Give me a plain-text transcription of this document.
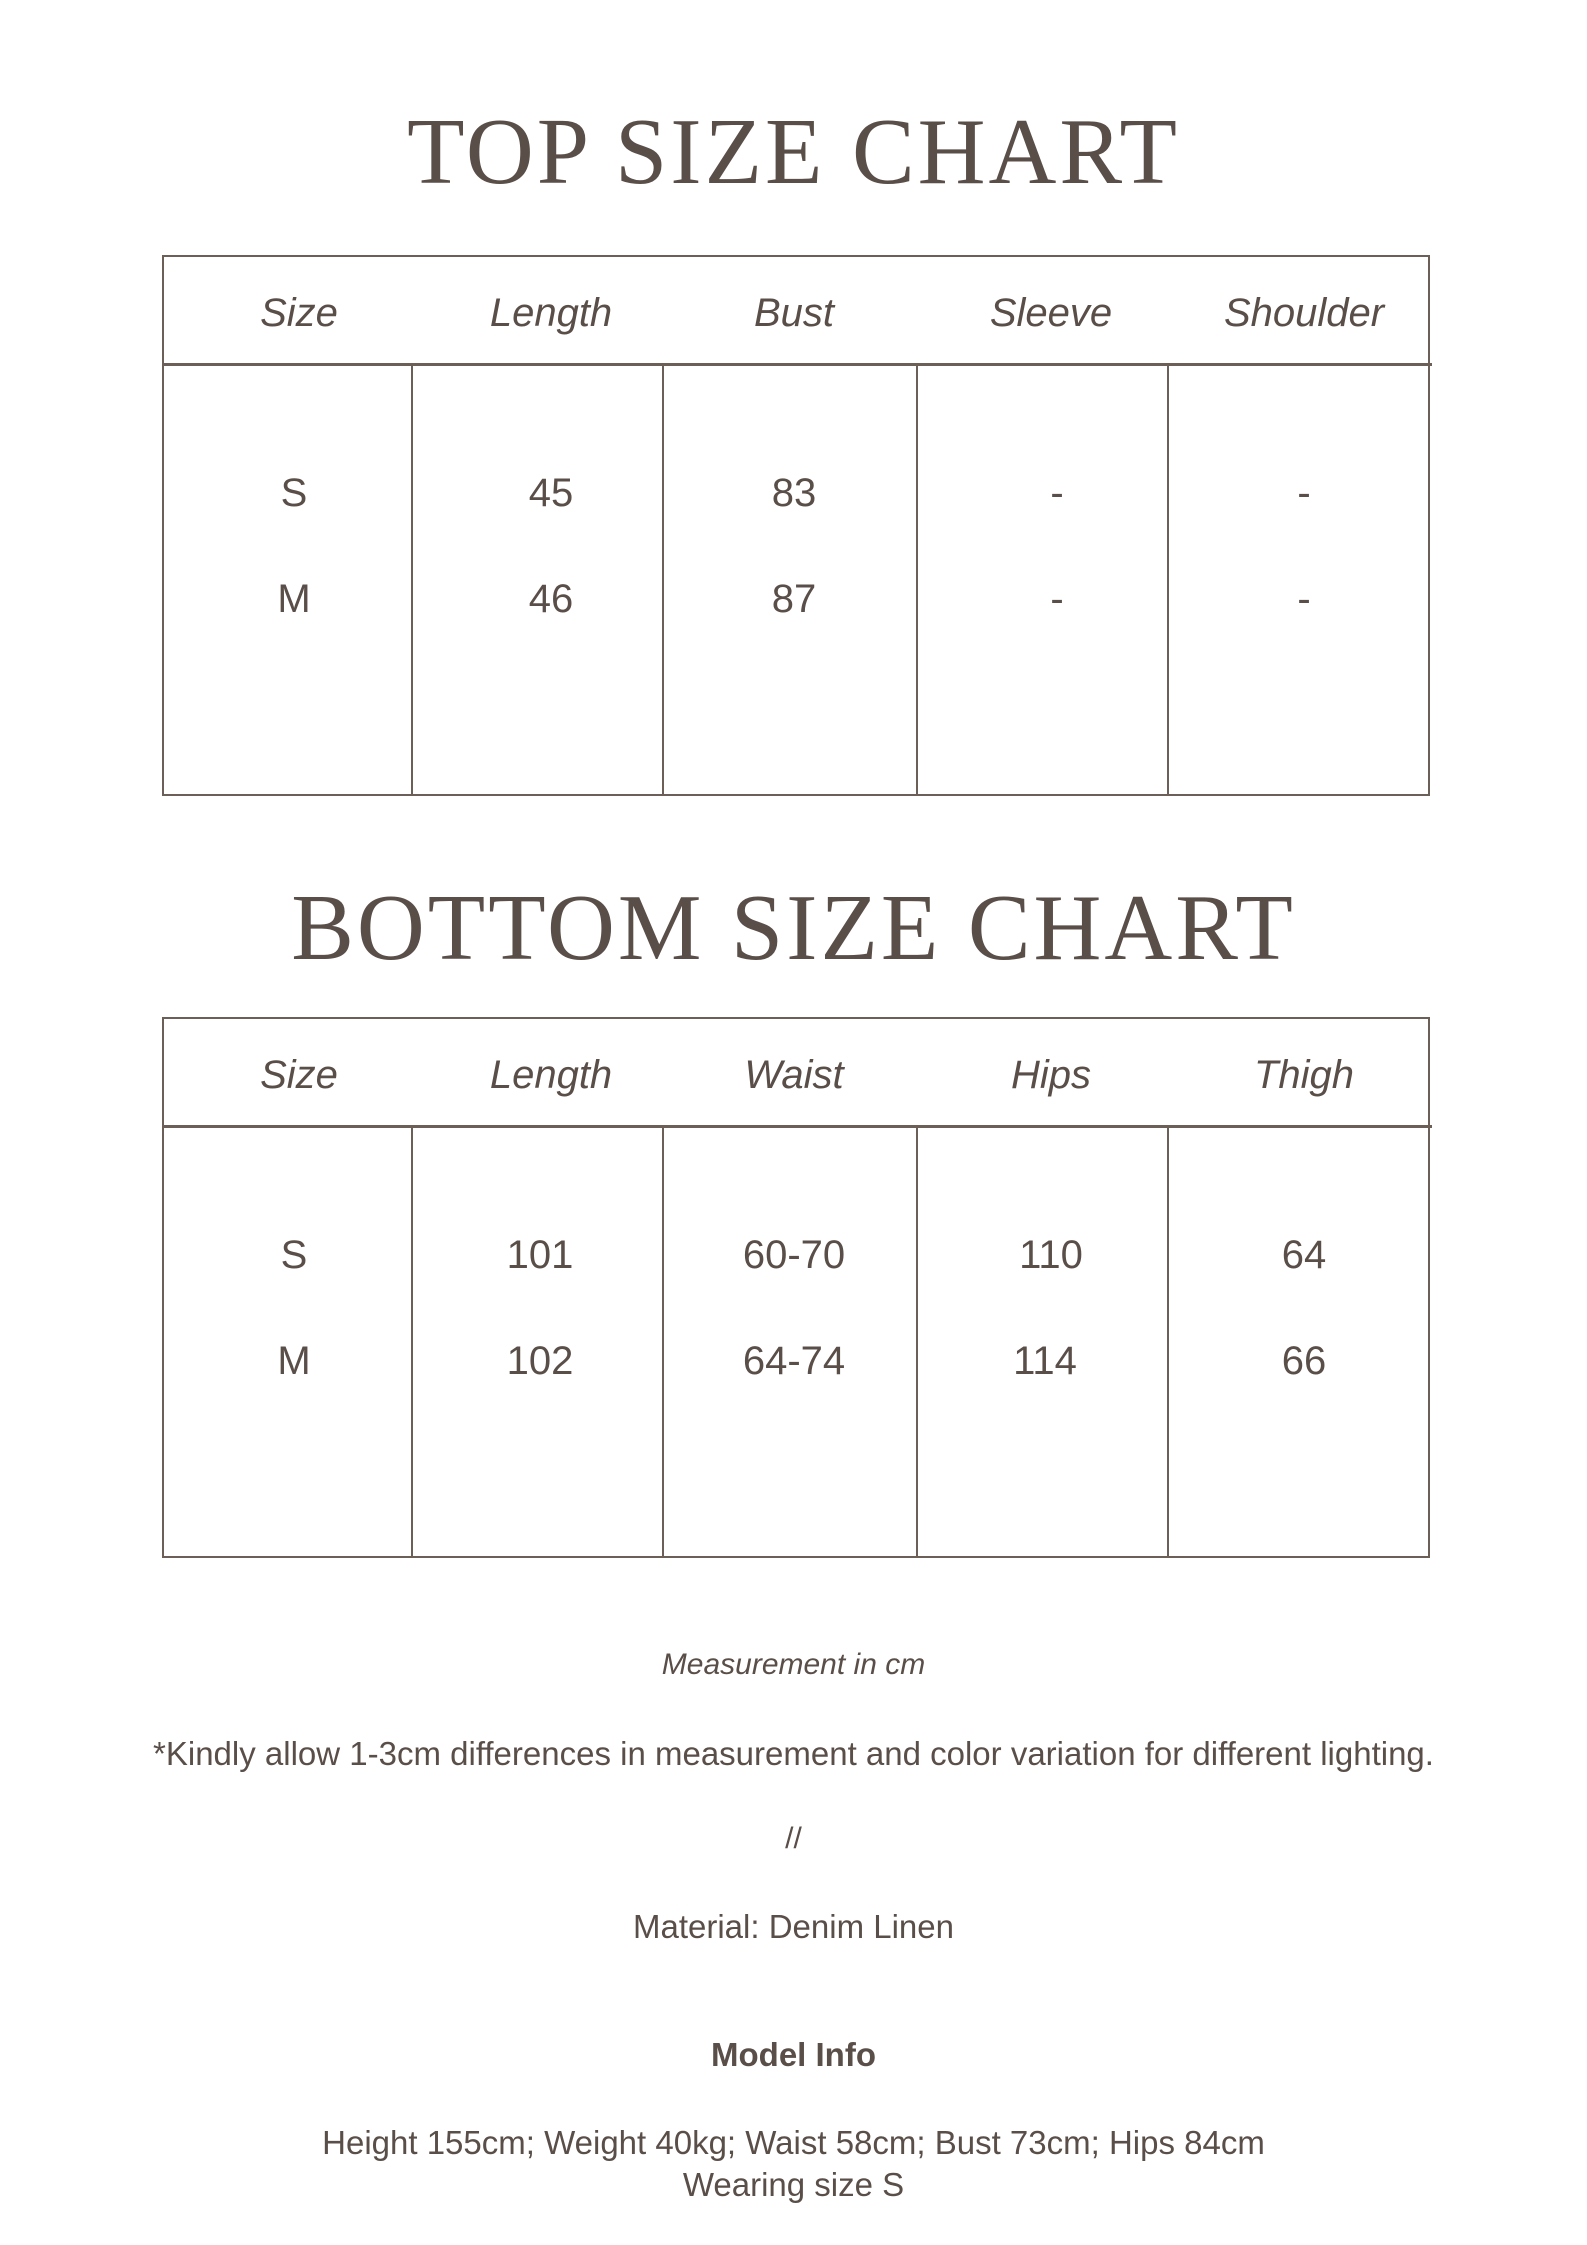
TOP SIZE CHART
Size	Length	Bust	Sleeve	Shoulder
S	45	83	-	-
M	46	87	-	-
BOTTOM SIZE CHART
Size	Length	Waist	Hips	Thigh
S	101	60-70	110	64
M	102	64-74	114	66
Measurement in cm
*Kindly allow 1-3cm differences in measurement and color variation for different lighting.
//
Material: Denim Linen
Model Info
Height 155cm; Weight 40kg; Waist 58cm; Bust 73cm; Hips 84cm
Wearing size S
